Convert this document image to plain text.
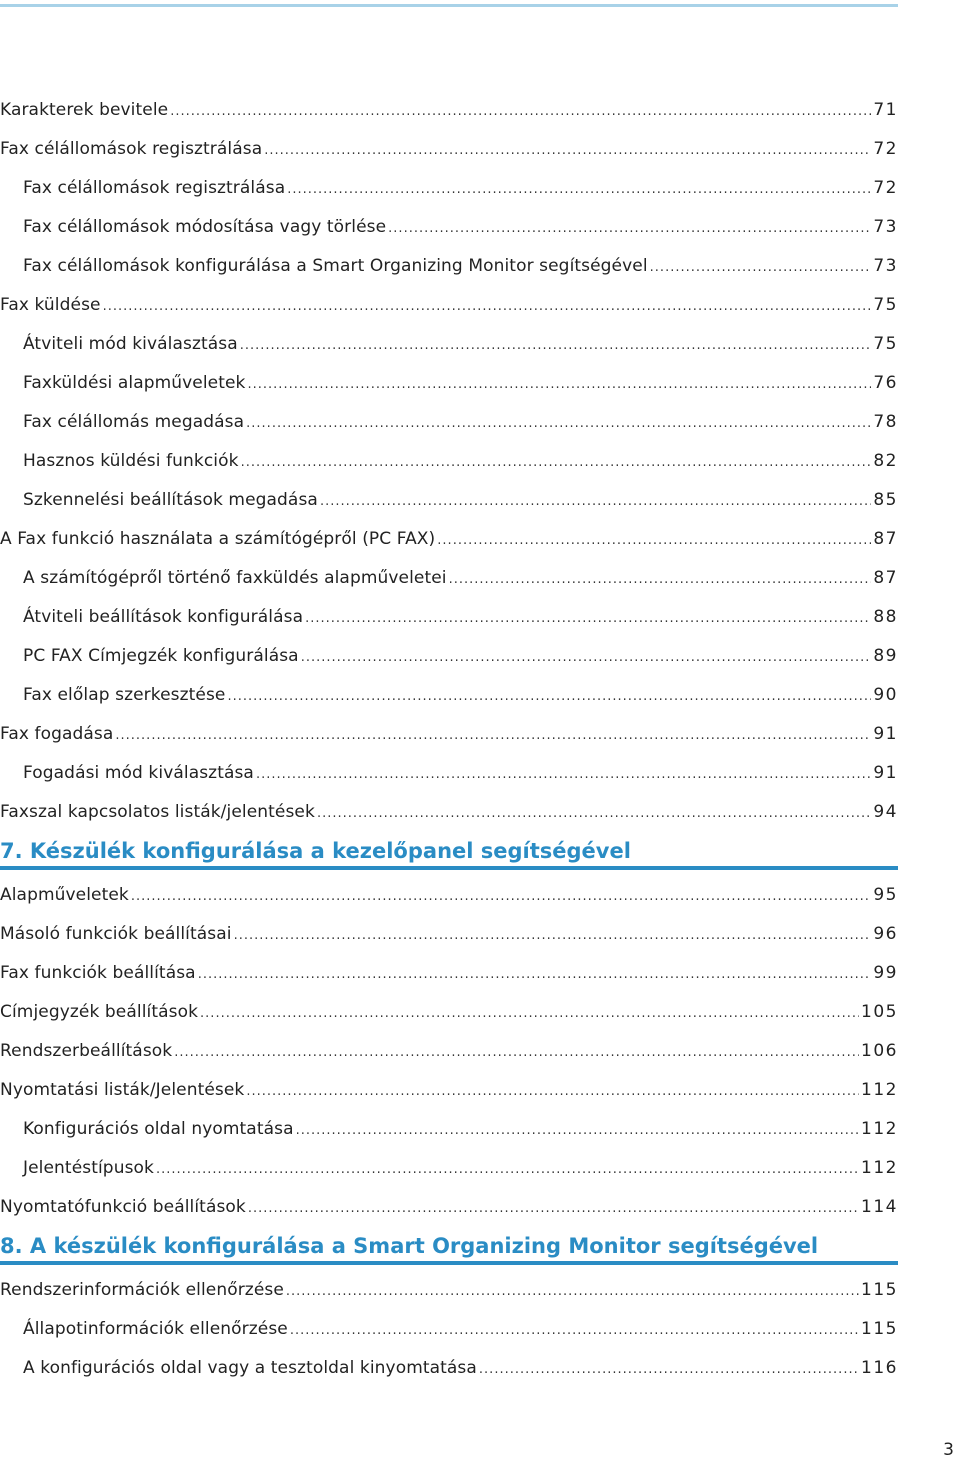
Karakterek bevitele .....	71
Fax célállomások regisztrálása .....	72
Fax célállomások regisztrálása .....	72
Fax célállomások módosítása vagy törlése .....	73
Fax célállomások konfigurálása a Smart Organizing Monitor segítségével .....	73
Fax küldése .....	75
Átviteli mód kiválasztása .....	75
Faxküldési alapműveletek .....	76
Fax célállomás megadása .....	78
Hasznos küldési funkciók .....	82
Szkennelési beállítások megadása .....	85
A Fax funkció használata a számítógépről (PC FAX) .....	87
A számítógépről történő faxküldés alapműveletei .....	87
Átviteli beállítások konfigurálása .....	88
PC FAX Címjegzék konfigurálása .....	89
Fax előlap szerkesztése .....	90
Fax fogadása .....	91
Fogadási mód kiválasztása .....	91
Faxszal kapcsolatos listák/jelentések .....	94
7. Készülék konfigurálása a kezelőpanel segítségével
Alapműveletek .....	95
Másoló funkciók beállításai .....	96
Fax funkciók beállítása .....	99
Címjegyzék beállítások .....	105
Rendszerbeállítások .....	106
Nyomtatási listák/Jelentések .....	112
Konfigurációs oldal nyomtatása .....	112
Jelentéstípusok .....	112
Nyomtatófunkció beállítások .....	114
8. A készülék konfigurálása a Smart Organizing Monitor segítségével
Rendszerinformációk ellenőrzése .....	115
Állapotinformációk ellenőrzése .....	115
A konfigurációs oldal vagy a tesztoldal kinyomtatása .....	116
3
